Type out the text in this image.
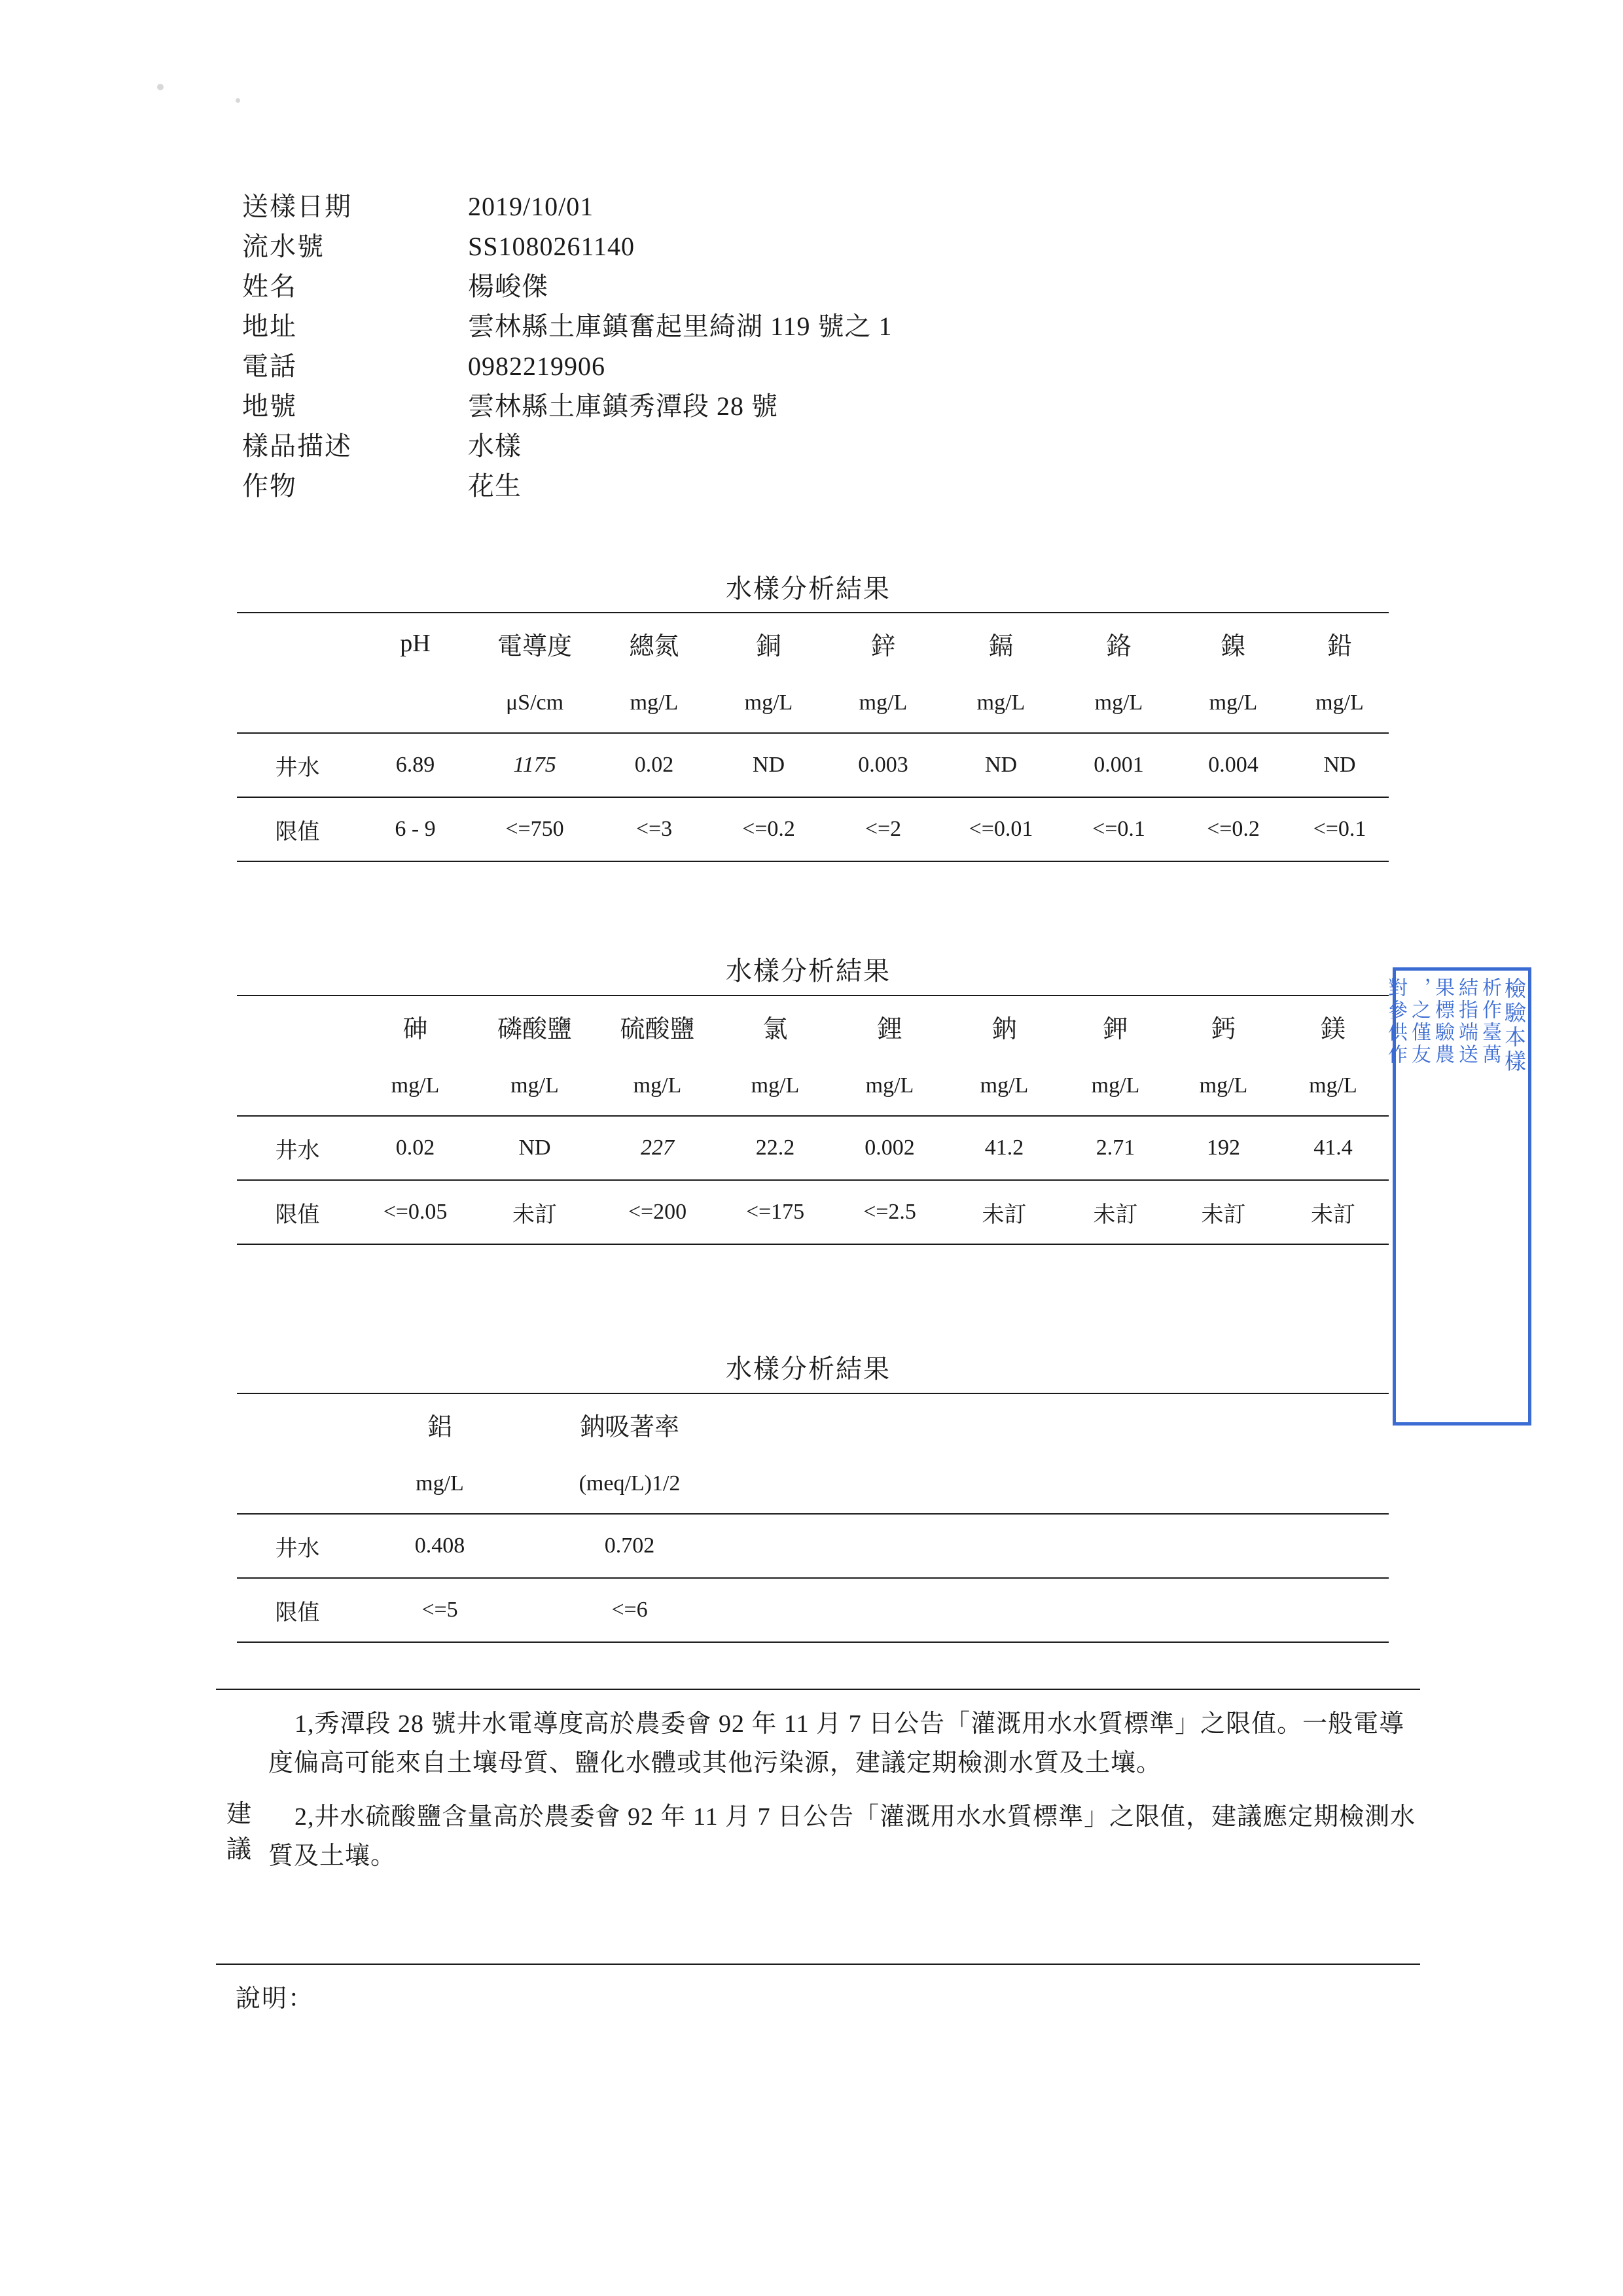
送樣日期	2019/10/01
流水號	SS1080261140
姓名	楊峻傑
地址	雲林縣土庫鎮奮起里綺湖 119 號之 1
電話	0982219906
地號	雲林縣土庫鎮秀潭段 28 號
樣品描述	水樣
作物	花生
水樣分析結果
	pH	電導度	總氮	銅	鋅	鎘	鉻	鎳	鉛
		μS/cm	mg/L	mg/L	mg/L	mg/L	mg/L	mg/L	mg/L
井水	6.89	1175	0.02	ND	0.003	ND	0.001	0.004	ND
限值	6 - 9	<=750	<=3	<=0.2	<=2	<=0.01	<=0.1	<=0.2	<=0.1
水樣分析結果
	砷	磷酸鹽	硫酸鹽	氯	鋰	鈉	鉀	鈣	鎂
	mg/L	mg/L	mg/L	mg/L	mg/L	mg/L	mg/L	mg/L	mg/L
井水	0.02	ND	227	22.2	0.002	41.2	2.71	192	41.4
限值	<=0.05	未訂	<=200	<=175	<=2.5	未訂	未訂	未訂	未訂
水樣分析結果
	鋁	鈉吸著率	
	mg/L	(meq/L)1/2	
井水	0.408	0.702	
限值	<=5	<=6	

1,秀潭段 28 號井水電導度高於農委會 92 年 11 月 7 日公告「灌溉用水水質標準」之限值。一般電導度偏高可能來自土壤母質、鹽化水體或其他污染源，建議定期檢測水質及土壤。

2,井水硫酸鹽含量高於農委會 92 年 11 月 7 日公告「灌溉用水水質標準」之限值，建議應定期檢測水質及土壤。

建議
說明：
檢驗本樣
析作臺萬
結指端送
果標驗農
，之僅友
對參供作
